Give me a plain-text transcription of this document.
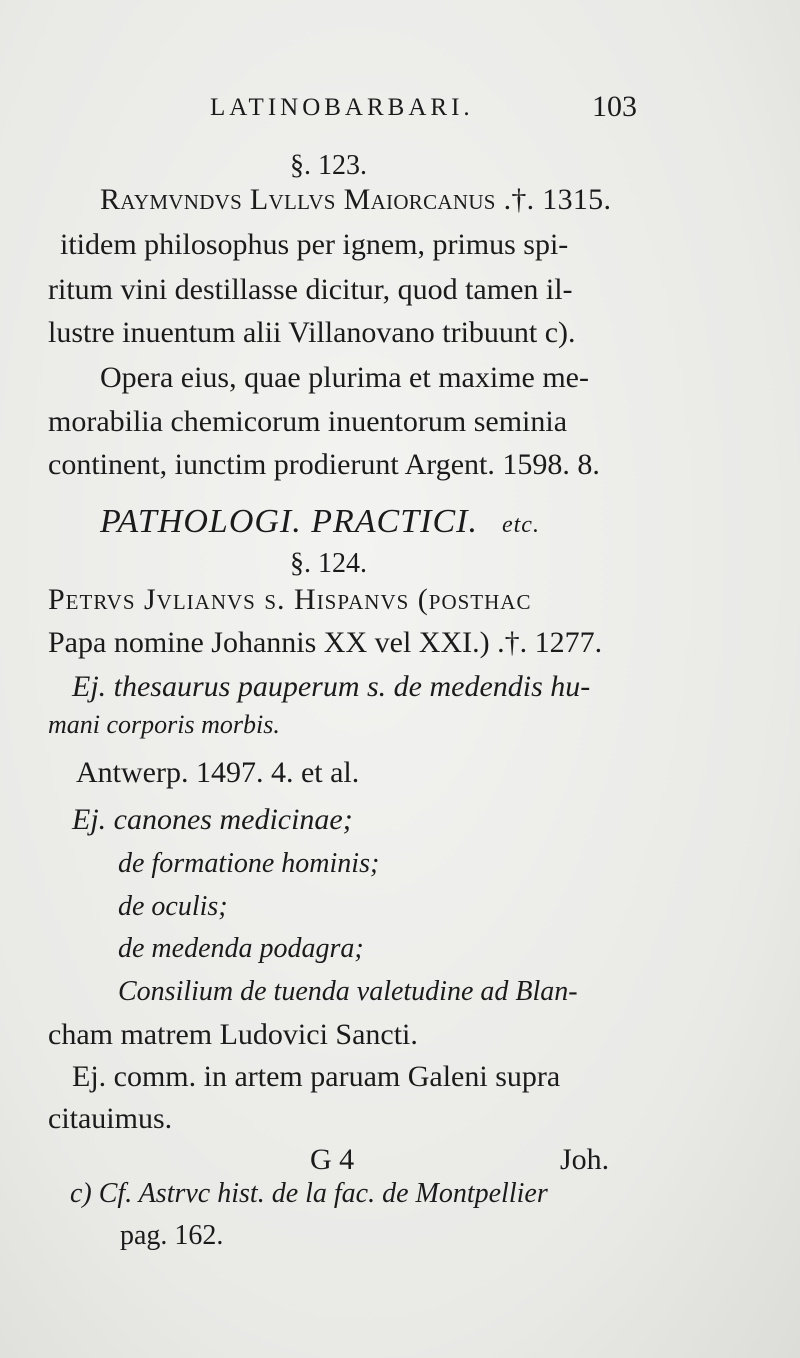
LATINOBARBARI.	103
§. 123.
Raymvndvs Lvllvs Maiorcanus .†. 1315.
itidem philosophus per ignem, primus spi-
ritum vini destillasse dicitur, quod tamen il-
lustre inuentum alii Villanovano tribuunt c).
Opera eius, quae plurima et maxime me-
morabilia chemicorum inuentorum seminia
continent, iunctim prodierunt Argent. 1598. 8.
PATHOLOGI. PRACTICI. etc.
§. 124.
Petrvs Jvlianvs s. Hispanvs (posthac
Papa nomine Johannis XX vel XXI.) .†. 1277.
Ej. thesaurus pauperum s. de medendis hu-
mani corporis morbis.
Antwerp. 1497. 4. et al.
Ej. canones medicinae;
de formatione hominis;
de oculis;
de medenda podagra;
Consilium de tuenda valetudine ad Blan-
cham matrem Ludovici Sancti.
Ej. comm. in artem paruam Galeni supra
citauimus.
G 4	Joh.
c) Cf. Astrvc hist. de la fac. de Montpellier
pag. 162.
